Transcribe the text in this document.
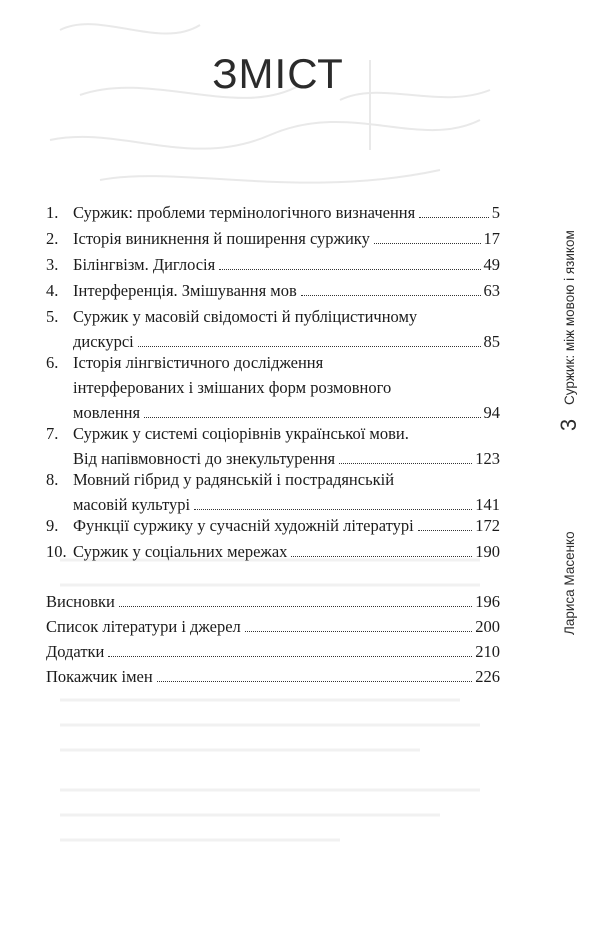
ЗМІСТ
1. Суржик: проблеми термінологічного визначення	5
2. Історія виникнення й поширення суржику	17
3. Білінгвізм. Диглосія	49
4. Інтерференція. Змішування мов	63
5. Суржик у масовій свідомості й публіцистичному
дискурсі	85
6. Історія лінгвістичного дослідження
інтерферованих і змішаних форм розмовного
мовлення	94
7. Суржик у системі соціорівнів української мови.
Від напівмовності до знекультурення	123
8. Мовний гібрид у радянській і пострадянській
масовій культурі	141
9. Функції суржику у сучасній художній літературі	172
10. Суржик у соціальних мережах	190
Висновки	196
Список літератури і джерел	200
Додатки	210
Покажчик імен	226
Лариса Масенко
3
Суржик: між мовою і язиком
